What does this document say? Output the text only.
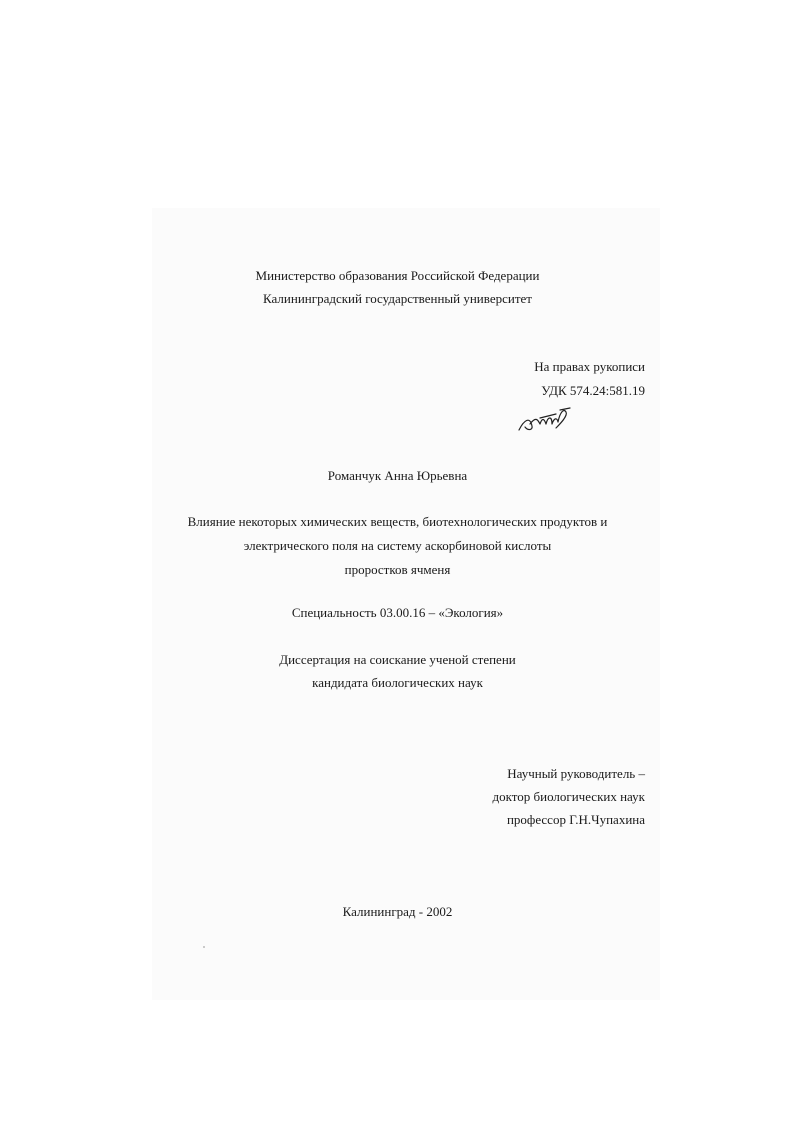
Министерство образования Российской Федерации
Калининградский государственный университет
На правах рукописи
УДК 574.24:581.19
Романчук Анна Юрьевна
Влияние некоторых химических веществ, биотехнологических продуктов и
электрического поля на систему аскорбиновой кислоты
проростков ячменя
Специальность 03.00.16 – «Экология»
Диссертация на соискание ученой степени
кандидата биологических наук
Научный руководитель –
доктор биологических наук
профессор Г.Н.Чупахина
Калининград - 2002
